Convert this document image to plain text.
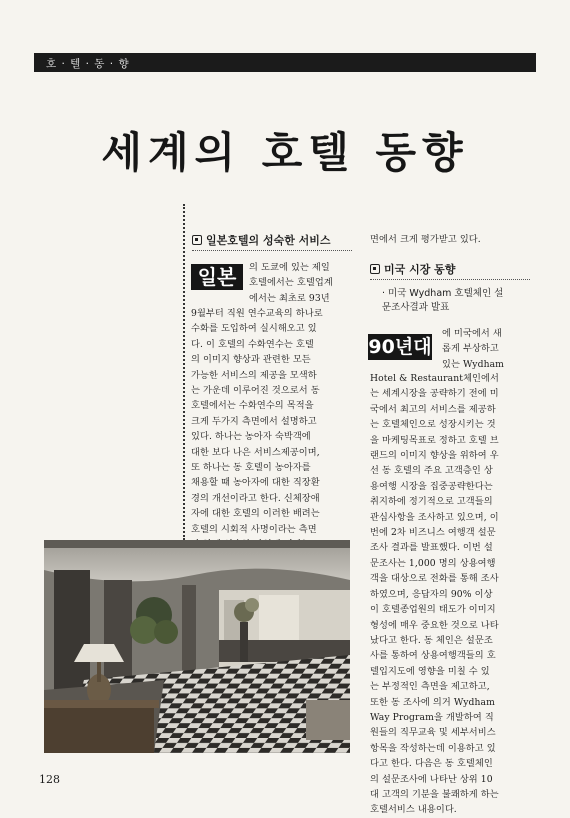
호 · 텔 · 동 · 향
세계의 호텔 동향
일본호텔의 성숙한 서비스
일본	의 도쿄에 있는 제일
호텔에서는 호텔업계
에서는 최초로 93년
9월부터 직원 연수교육의 하나로
수화를 도입하여 실시해오고 있
다. 이 호텔의 수화연수는 호텔
의 이미지 향상과 관련한 모든
가능한 서비스의 제공을 모색하
는 가운데 이루어진 것으로서 동
호텔에서는 수화연수의 목적을
크게 두가지 측면에서 설명하고
있다. 하나는 농아자 숙박객에
대한 보다 나은 서비스제공이며,
또 하나는 동 호텔이 농아자를
채용할 때 농아자에 대한 직장환
경의 개선이라고 한다. 신체장애
자에 대한 호텔의 이러한 배려는
호텔의 시회적 사명이라는 측면

면에서 크게 평가받고 있다.
미국 시장 동향
· 미국 Wydham 호텔체인 설
문조사결과 발표
90년대
에 미국에서 새
롭게 부상하고
있는 Wydham
Hotel & Restaurant체인에서
는 세계시장을 공략하기 전에 미
국에서 최고의 서비스를 제공하
는 호텔체인으로 성장시키는 것
을 마케팅목표로 정하고 호텔 브
랜드의 이미지 향상을 위하여 우
선 동 호텔의 주요 고객층인 상
용여행 시장을 집중공략한다는
취지하에 정기적으로 고객들의
관심사항을 조사하고 있으며, 이
번에 2차 비즈니스 여행객 설문
조사 결과를 발표했다. 이번 설
문조사는 1,000 명의 상용여행
객을 대상으로 전화를 통해 조사
하였으며, 응답자의 90% 이상
이 호텔종업원의 태도가 이미지
형성에 매우 중요한 것으로 나타
났다고 한다. 동 체인은 설문조
사를 통하여 상용여행객들의 호
텔입지도에 영향을 미칠 수 있
는 부정적인 측면을 제고하고,
또한 동 조사에 의거 Wydham
Way Program을 개발하여 직
원들의 직무교육 및 세부서비스
항목을 작성하는데 이용하고 있
다고 한다. 다음은 동 호텔체인
의 설문조사에 나타난 상위 10
대 고객의 기분을 불쾌하게 하는
호텔서비스 내용이다.
128
